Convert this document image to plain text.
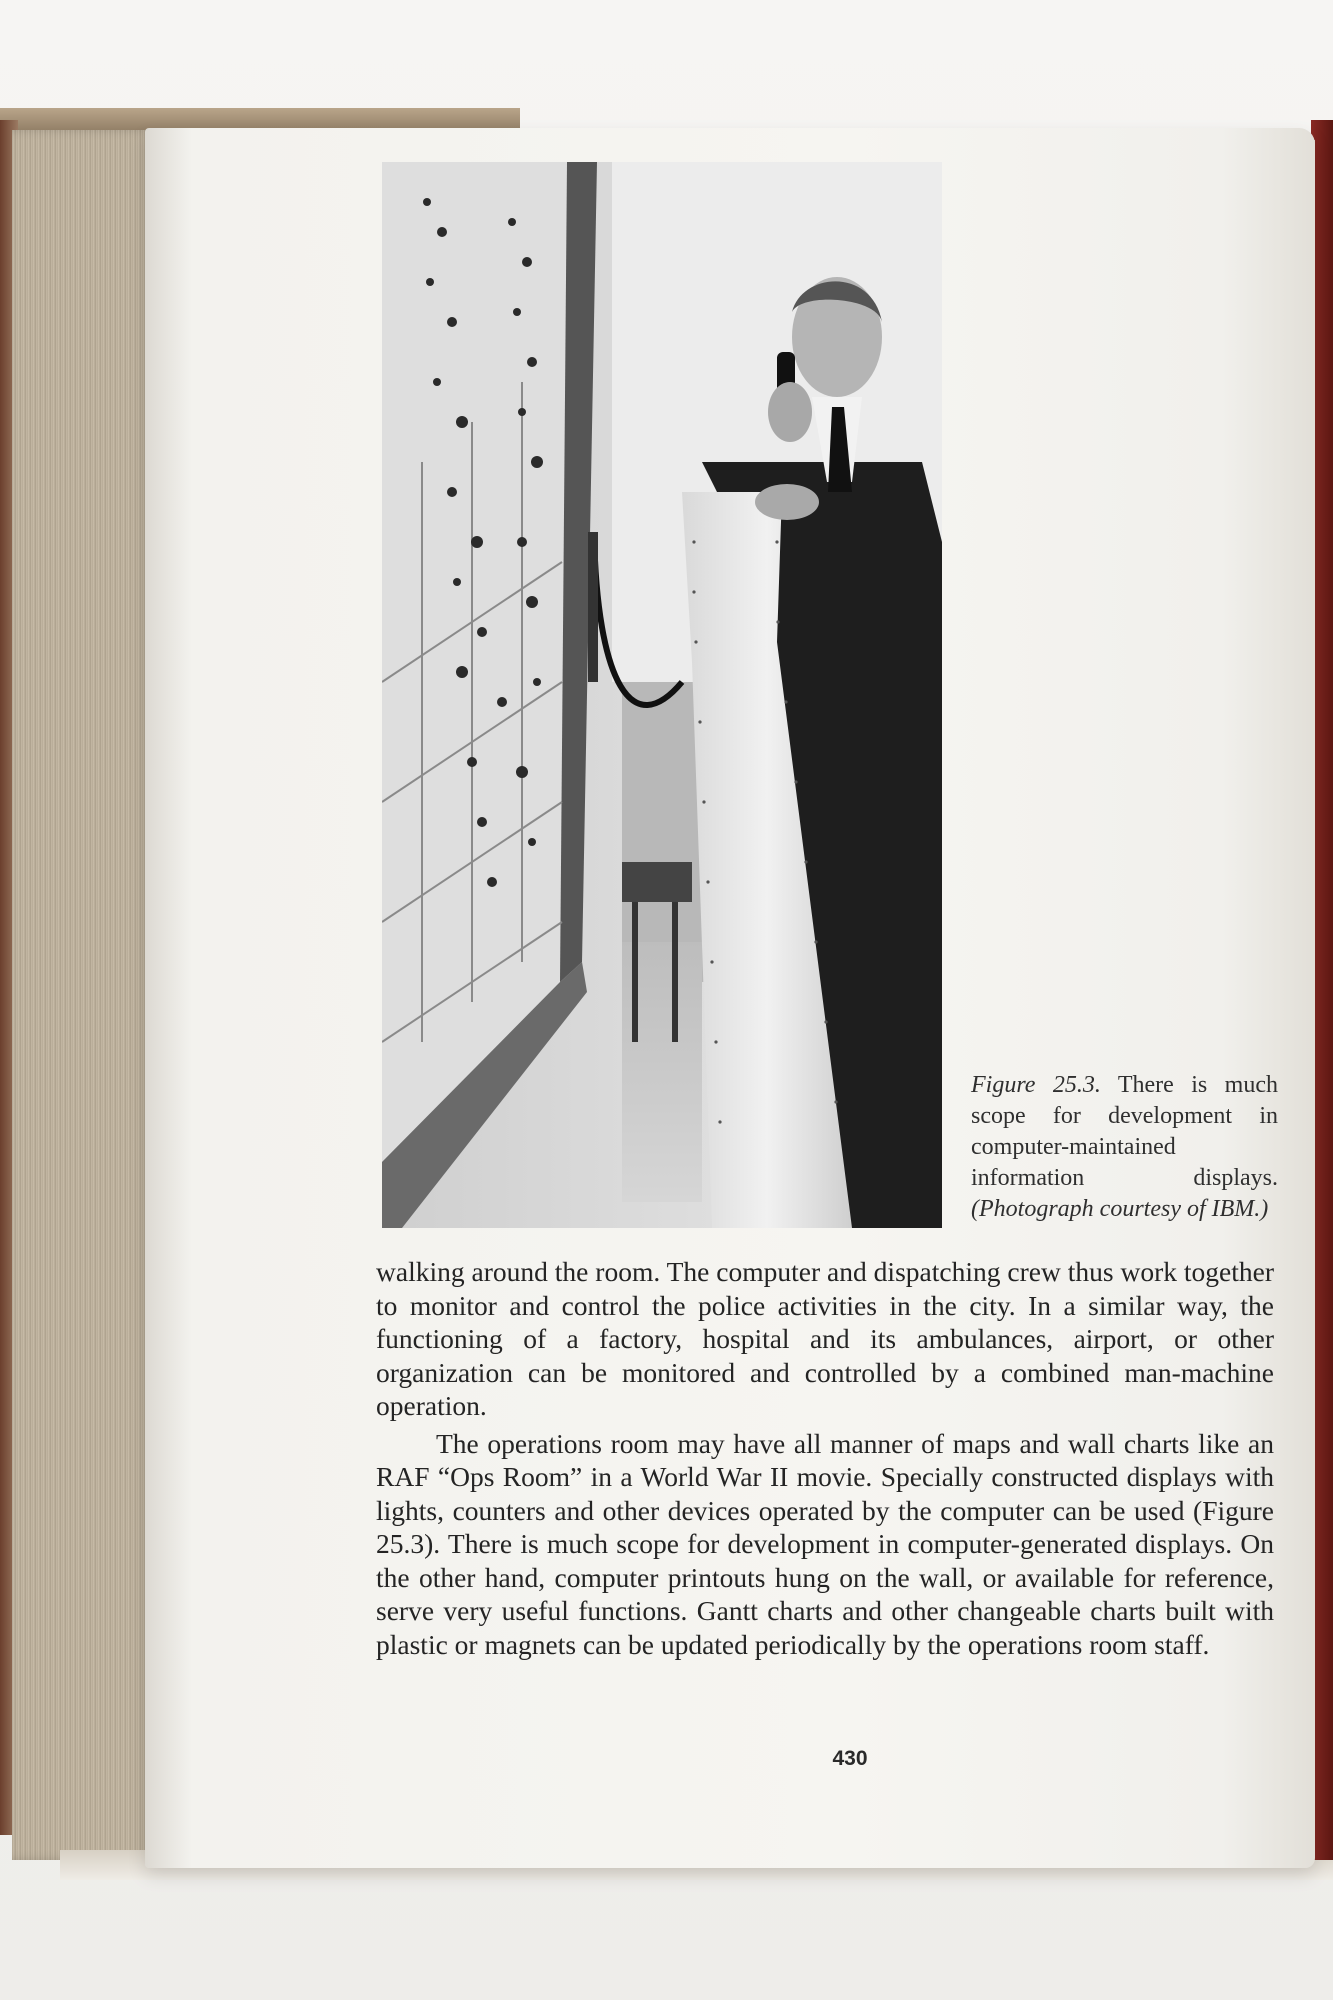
Figure 25.3. There is much scope for development in computer-maintained information displays. (Photograph courtesy of IBM.)

walking around the room. The computer and dispatching crew thus work together to monitor and control the police activities in the city. In a similar way, the functioning of a factory, hospital and its ambulances, airport, or other organization can be monitored and controlled by a combined man-machine operation.

The operations room may have all manner of maps and wall charts like an RAF “Ops Room” in a World War II movie. Specially constructed displays with lights, counters and other devices operated by the computer can be used (Figure 25.3). There is much scope for development in computer-generated displays. On the other hand, computer printouts hung on the wall, or available for reference, serve very useful functions. Gantt charts and other changeable charts built with plastic or magnets can be updated periodically by the operations room staff.

430
